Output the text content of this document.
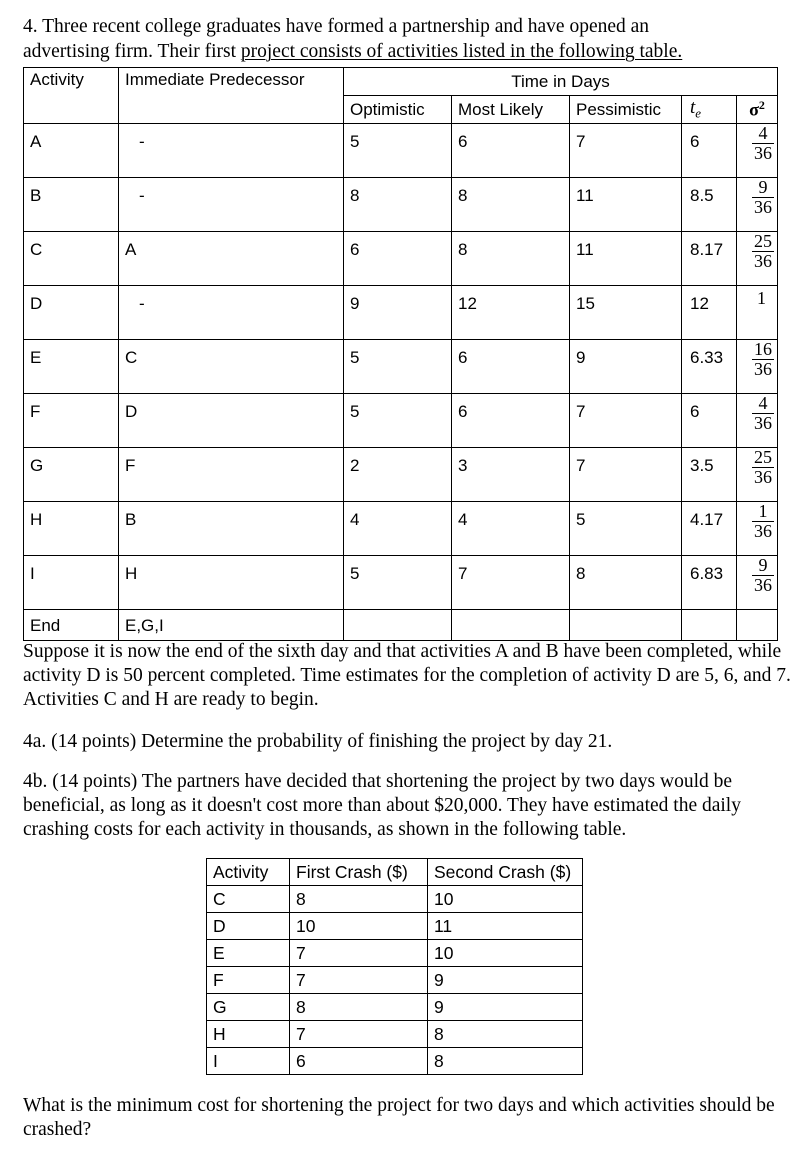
4. Three recent college graduates have formed a partnership and have opened an

advertising firm. Their first project consists of activities listed in the following table.

Activity	Immediate Predecessor	Time in Days				
		Optimistic	Most Likely	Pessimistic	$t_e$	$\sigma^2$
A	-	5	6	7	6	$\frac{4}{36}$

B	-	8	8	11	8.5	$\frac{9}{36}$

C	A	6	8	11	8.17	$\frac{25}{36}$

D	-	9	12	15	12	1
E	C	5	6	9	6.33	$\frac{16}{36}$

F	D	5	6	7	6	$\frac{4}{36}$

G	F	2	3	7	3.5	$\frac{25}{36}$

H	B	4	4	5	4.17	$\frac{1}{36}$

I	H	5	7	8	6.83	$\frac{9}{36}$

End	E,G,I					

Suppose it is now the end of the sixth day and that activities A and B have been completed, while activity D is 50 percent completed. Time estimates for the completion of activity D are 5, 6, and 7. Activities C and H are ready to begin.

4a. (14 points) Determine the probability of finishing the project by day 21.

4b. (14 points) The partners have decided that shortening the project by two days would be beneficial, as long as it doesn't cost more than about $20,000. They have estimated the daily crashing costs for each activity in thousands, as shown in the following table.

Activity	First Crash ($)	Second Crash ($)
C	8	10
D	10	11
E	7	10
F	7	9
G	8	9
H	7	8
I	6	8

What is the minimum cost for shortening the project for two days and which activities should be crashed?
